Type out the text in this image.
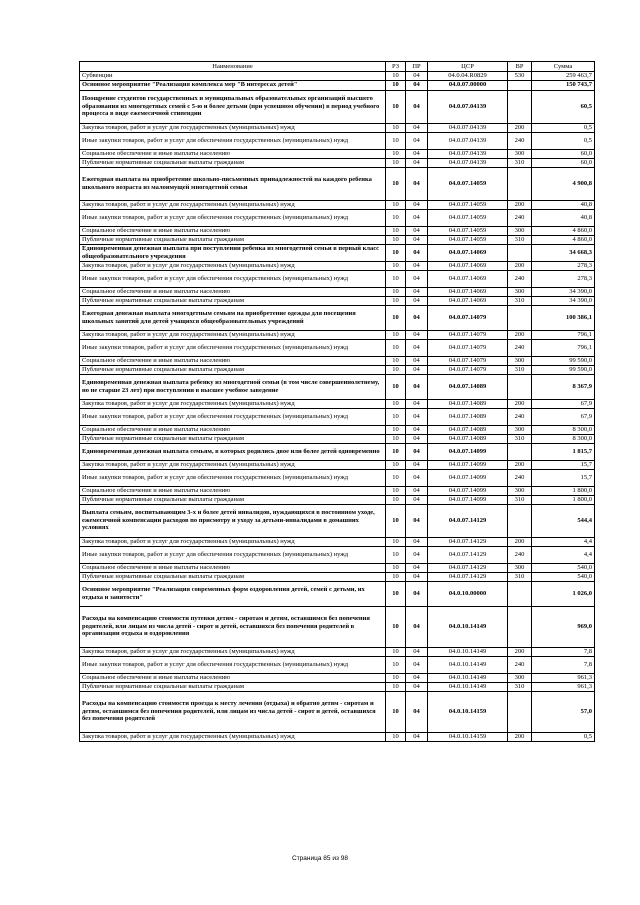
Наименование	РЗ	ПР	ЦСР	ВР	Сумма
Субвенции	10	04	04.0.04.R0829	530	259 463,7
Основное мероприятие "Реализация комплекса мер "В интересах детей"	10	04	04.0.07.00000		150 743,7
Поощрение студентов государственных и муниципальных образовательных организаций высшего образования из многодетных семей с 5-ю и более детьми (при успешном обучении) в период учебного процесса в виде ежемесячной стипендии	10	04	04.0.07.04139		60,5
Закупка товаров, работ и услуг для государственных (муниципальных) нужд	10	04	04.0.07.04139	200	0,5
Иные закупки товаров, работ и услуг для обеспечения государственных (муниципальных) нужд	10	04	04.0.07.04139	240	0,5
Социальное обеспечение и иные выплаты населению	10	04	04.0.07.04139	300	60,0
Публичные нормативные социальные выплаты гражданам	10	04	04.0.07.04139	310	60,0
Ежегодная выплата на приобретение школьно-письменных принадлежностей на каждого ребенка школьного возраста из малоимущей многодетной семьи	10	04	04.0.07.14059		4 900,8
Закупка товаров, работ и услуг для государственных (муниципальных) нужд	10	04	04.0.07.14059	200	40,8
Иные закупки товаров, работ и услуг для обеспечения государственных (муниципальных) нужд	10	04	04.0.07.14059	240	40,8
Социальное обеспечение и иные выплаты населению	10	04	04.0.07.14059	300	4 860,0
Публичные нормативные социальные выплаты гражданам	10	04	04.0.07.14059	310	4 860,0
Единовременная денежная выплата при поступлении ребенка из многодетной семьи в первый класс общеобразовательного учреждения	10	04	04.0.07.14069		34 668,3
Закупка товаров, работ и услуг для государственных (муниципальных) нужд	10	04	04.0.07.14069	200	278,3
Иные закупки товаров, работ и услуг для обеспечения государственных (муниципальных) нужд	10	04	04.0.07.14069	240	278,3
Социальное обеспечение и иные выплаты населению	10	04	04.0.07.14069	300	34 390,0
Публичные нормативные социальные выплаты гражданам	10	04	04.0.07.14069	310	34 390,0
Ежегодная денежная выплата многодетным семьям на приобретение одежды для посещения школьных занятий для детей учащихся общеобразовательных учреждений	10	04	04.0.07.14079		100 386,1
Закупка товаров, работ и услуг для государственных (муниципальных) нужд	10	04	04.0.07.14079	200	796,1
Иные закупки товаров, работ и услуг для обеспечения государственных (муниципальных) нужд	10	04	04.0.07.14079	240	796,1
Социальное обеспечение и иные выплаты населению	10	04	04.0.07.14079	300	99 590,0
Публичные нормативные социальные выплаты гражданам	10	04	04.0.07.14079	310	99 590,0
Единовременная денежная выплата ребенку из многодетной семьи (в том числе совершеннолетнему, но не старше 23 лет) при поступлении в высшее учебное заведение	10	04	04.0.07.14089		8 367,9
Закупка товаров, работ и услуг для государственных (муниципальных) нужд	10	04	04.0.07.14089	200	67,9
Иные закупки товаров, работ и услуг для обеспечения государственных (муниципальных) нужд	10	04	04.0.07.14089	240	67,9
Социальное обеспечение и иные выплаты населению	10	04	04.0.07.14089	300	8 300,0
Публичные нормативные социальные выплаты гражданам	10	04	04.0.07.14089	310	8 300,0
Единовременная денежная выплата семьям, в которых родились двое или более детей одновременно	10	04	04.0.07.14099		1 815,7
Закупка товаров, работ и услуг для государственных (муниципальных) нужд	10	04	04.0.07.14099	200	15,7
Иные закупки товаров, работ и услуг для обеспечения государственных (муниципальных) нужд	10	04	04.0.07.14099	240	15,7
Социальное обеспечение и иные выплаты населению	10	04	04.0.07.14099	300	1 800,0
Публичные нормативные социальные выплаты гражданам	10	04	04.0.07.14099	310	1 800,0
Выплата семьям, воспитывающим 3-х и более детей инвалидов, нуждающихся в постоянном уходе, ежемесячной компенсации расходов по присмотру и уходу за детьми-инвалидами в домашних условиях	10	04	04.0.07.14129		544,4
Закупка товаров, работ и услуг для государственных (муниципальных) нужд	10	04	04.0.07.14129	200	4,4
Иные закупки товаров, работ и услуг для обеспечения государственных (муниципальных) нужд	10	04	04.0.07.14129	240	4,4
Социальное обеспечение и иные выплаты населению	10	04	04.0.07.14129	300	540,0
Публичные нормативные социальные выплаты гражданам	10	04	04.0.07.14129	310	540,0
Основное мероприятие "Реализация современных форм оздоровления детей, семей с детьми, их отдыха и занятости"	10	04	04.0.10.00000		1 026,0
Расходы на компенсацию стоимости путевки детям - сиротам и детям, оставшимся без попечения родителей, или лицам из числа детей - сирот и детей, оставшихся без попечения родителей в организации отдыха и оздоровления	10	04	04.0.10.14149		969,0
Закупка товаров, работ и услуг для государственных (муниципальных) нужд	10	04	04.0.10.14149	200	7,8
Иные закупки товаров, работ и услуг для обеспечения государственных (муниципальных) нужд	10	04	04.0.10.14149	240	7,8
Социальное обеспечение и иные выплаты населению	10	04	04.0.10.14149	300	961,3
Публичные нормативные социальные выплаты гражданам	10	04	04.0.10.14149	310	961,3
Расходы на компенсацию стоимости проезда к месту лечения (отдыха) и обратно детям - сиротам и детям, оставшимся без попечения родителей, или лицам из числа детей - сирот и детей, оставшихся без попечения родителей	10	04	04.0.10.14159		57,0
Закупка товаров, работ и услуг для государственных (муниципальных) нужд	10	04	04.0.10.14159	200	0,5
Страница 85 из 98
